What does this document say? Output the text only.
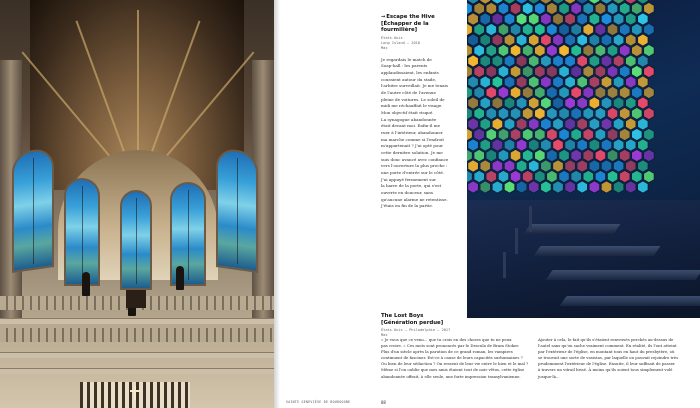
SAINTE GENEVIÈVE DE BOURGOGNE
→Escape the Hive
[Échapper de la fourmilière]
États-Unis
Long Island — 2018
Max
Je regardais le match de
Soap-ball : les parents
applaudissaient, les enfants
couraient autour du stade,
l'arbitre surveillait. Je me tenais
de l'autre côté de l'avenue
pleine de voitures. Le soleil de
midi me réchauffait le visage.
Mon objectif était risqué.
La synagogue abandonnée
était devant moi. Enfin-il me
ruer à l'intérieur, abandonner
ma marche comme si l'endroit
m'appartenait ? J'ai opté pour
cette dernière solution. Je me
suis donc avancé avec confiance
vers l'ouverture la plus proche :
une porte d'entrée sur le côté.
J'ai appuyé fermement sur
la barre de la porte, qui s'est
ouverte en douceur, sans
qu'aucune alarme ne retentisse.
J'étais en fin de la partie.
The Lost Boys
[Génération perdue]
États-Unis — Philadelphie — 2017
Max
« Je vous que ce venu... que tu crois en des choses que tu ne peux
pas croire. » Ces mots sont prononcés par le Dracula de Bram Stoker.
Plus d'un siècle après la parution de ce grand roman, les vampires
continuent de fasciner. Est-ce à cause de leurs capacités surhumaines ?
Ou bien de leur séduction ? On ressent de leur vie entre le bien et le mal ?
Même si l'on oublie que mes amis étaient tout de noir vêtus, cette église
abandonnée offrait, à elle seule, une forte impression transylvanienne.
Ajouter à cela, le fait qu'ils s'étaient renversés perchés au-dessus de
l'autel sans qu'on sache vraiment comment. En réalité, ils l'ont atteint
par l'extérieur de l'église, en montant tous en haut du presbytère, où
se trouvait une sorte de vasistas, par laquelle on pouvait rejoindre très
prudemment l'extérieur de l'église. Ensuite, il leur suffisait de passer
à travers un vitrail brisé. À moins qu'ils soient tous simplement volé
jusque-là...
88
